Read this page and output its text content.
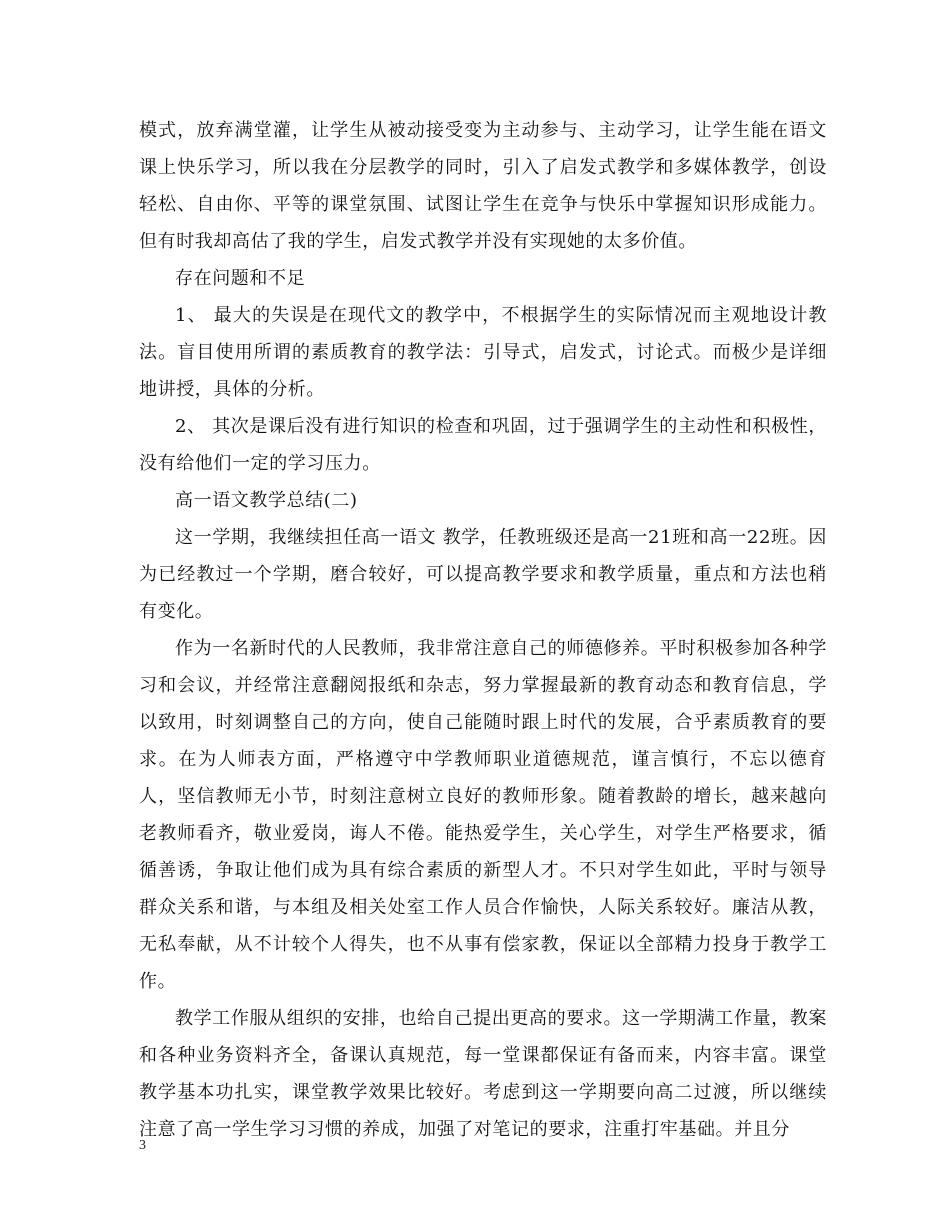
模式，放弃满堂灌，让学生从被动接受变为主动参与、主动学习，让学生能在语文课上快乐学习，所以我在分层教学的同时，引入了启发式教学和多媒体教学，创设轻松、自由你、平等的课堂氛围、试图让学生在竞争与快乐中掌握知识形成能力。但有时我却高估了我的学生，启发式教学并没有实现她的太多价值。

存在问题和不足

1、 最大的失误是在现代文的教学中，不根据学生的实际情况而主观地设计教法。盲目使用所谓的素质教育的教学法：引导式，启发式，讨论式。而极少是详细地讲授，具体的分析。

2、 其次是课后没有进行知识的检查和巩固，过于强调学生的主动性和积极性，没有给他们一定的学习压力。

高一语文教学总结(二)

这一学期，我继续担任高一语文 教学，任教班级还是高一21班和高一22班。因为已经教过一个学期，磨合较好，可以提高教学要求和教学质量，重点和方法也稍有变化。

作为一名新时代的人民教师，我非常注意自己的师德修养。平时积极参加各种学习和会议，并经常注意翻阅报纸和杂志，努力掌握最新的教育动态和教育信息，学以致用，时刻调整自己的方向，使自己能随时跟上时代的发展，合乎素质教育的要求。在为人师表方面，严格遵守中学教师职业道德规范，谨言慎行，不忘以德育人，坚信教师无小节，时刻注意树立良好的教师形象。随着教龄的增长，越来越向老教师看齐，敬业爱岗，诲人不倦。能热爱学生，关心学生，对学生严格要求，循循善诱，争取让他们成为具有综合素质的新型人才。不只对学生如此，平时与领导群众关系和谐，与本组及相关处室工作人员合作愉快，人际关系较好。廉洁从教，无私奉献，从不计较个人得失，也不从事有偿家教，保证以全部精力投身于教学工作。

教学工作服从组织的安排，也给自己提出更高的要求。这一学期满工作量，教案和各种业务资料齐全，备课认真规范，每一堂课都保证有备而来，内容丰富。课堂教学基本功扎实，课堂教学效果比较好。考虑到这一学期要向高二过渡，所以继续注意了高一学生学习习惯的养成，加强了对笔记的要求，注重打牢基础。并且分

3
